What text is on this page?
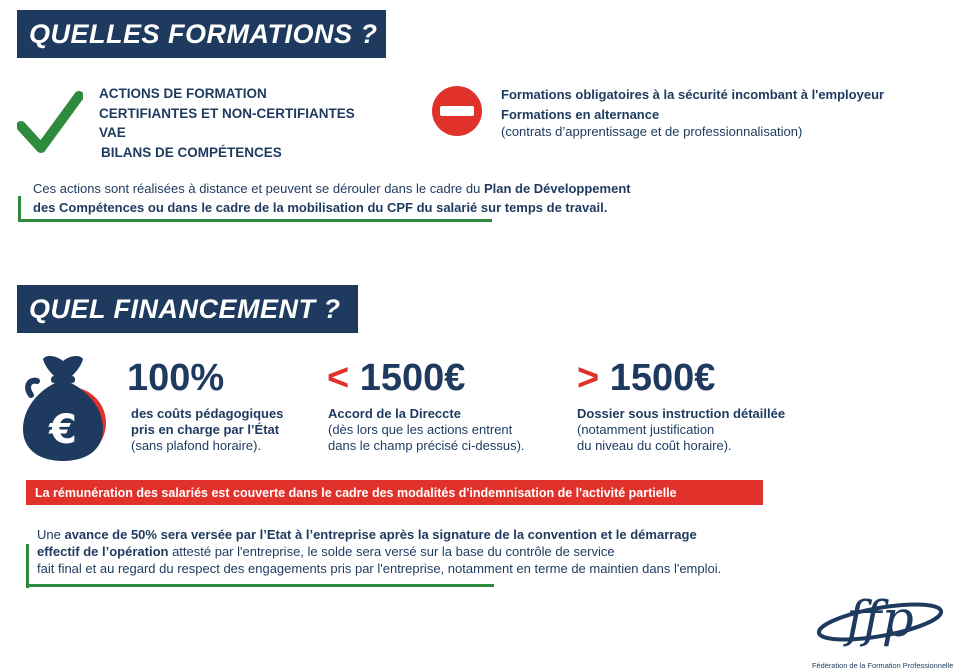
QUELLES FORMATIONS ?
ACTIONS DE FORMATION
CERTIFIANTES ET NON-CERTIFIANTES
VAE
BILANS DE COMPÉTENCES
Formations obligatoires à la sécurité incombant à l'employeur
Formations en alternance
(contrats d’apprentissage et de professionnalisation)
Ces actions sont réalisées à distance et peuvent se dérouler dans le cadre du Plan de Développement
des Compétences ou dans le cadre de la mobilisation du CPF du salarié sur temps de travail.
QUEL FINANCEMENT ?
€
100%
des coûts pédagogiques
pris en charge par l’État
(sans plafond horaire).
< 1500€
Accord de la Direccte
(dès lors que les actions entrent
dans le champ précisé ci-dessus).
> 1500€
Dossier sous instruction détaillée
(notamment justification
du niveau du coût horaire).
La rémunération des salariés est couverte dans le cadre des modalités d'indemnisation de l'activité partielle
Une avance de 50% sera versée par l’Etat à l’entreprise après la signature de la convention et le démarrage
effectif de l’opération attesté par l'entreprise, le solde sera versé sur la base du contrôle de service
fait final et au regard du respect des engagements pris par l'entreprise, notamment en terme de maintien dans l'emploi.
ffp
Fédération de la Formation Professionnelle
